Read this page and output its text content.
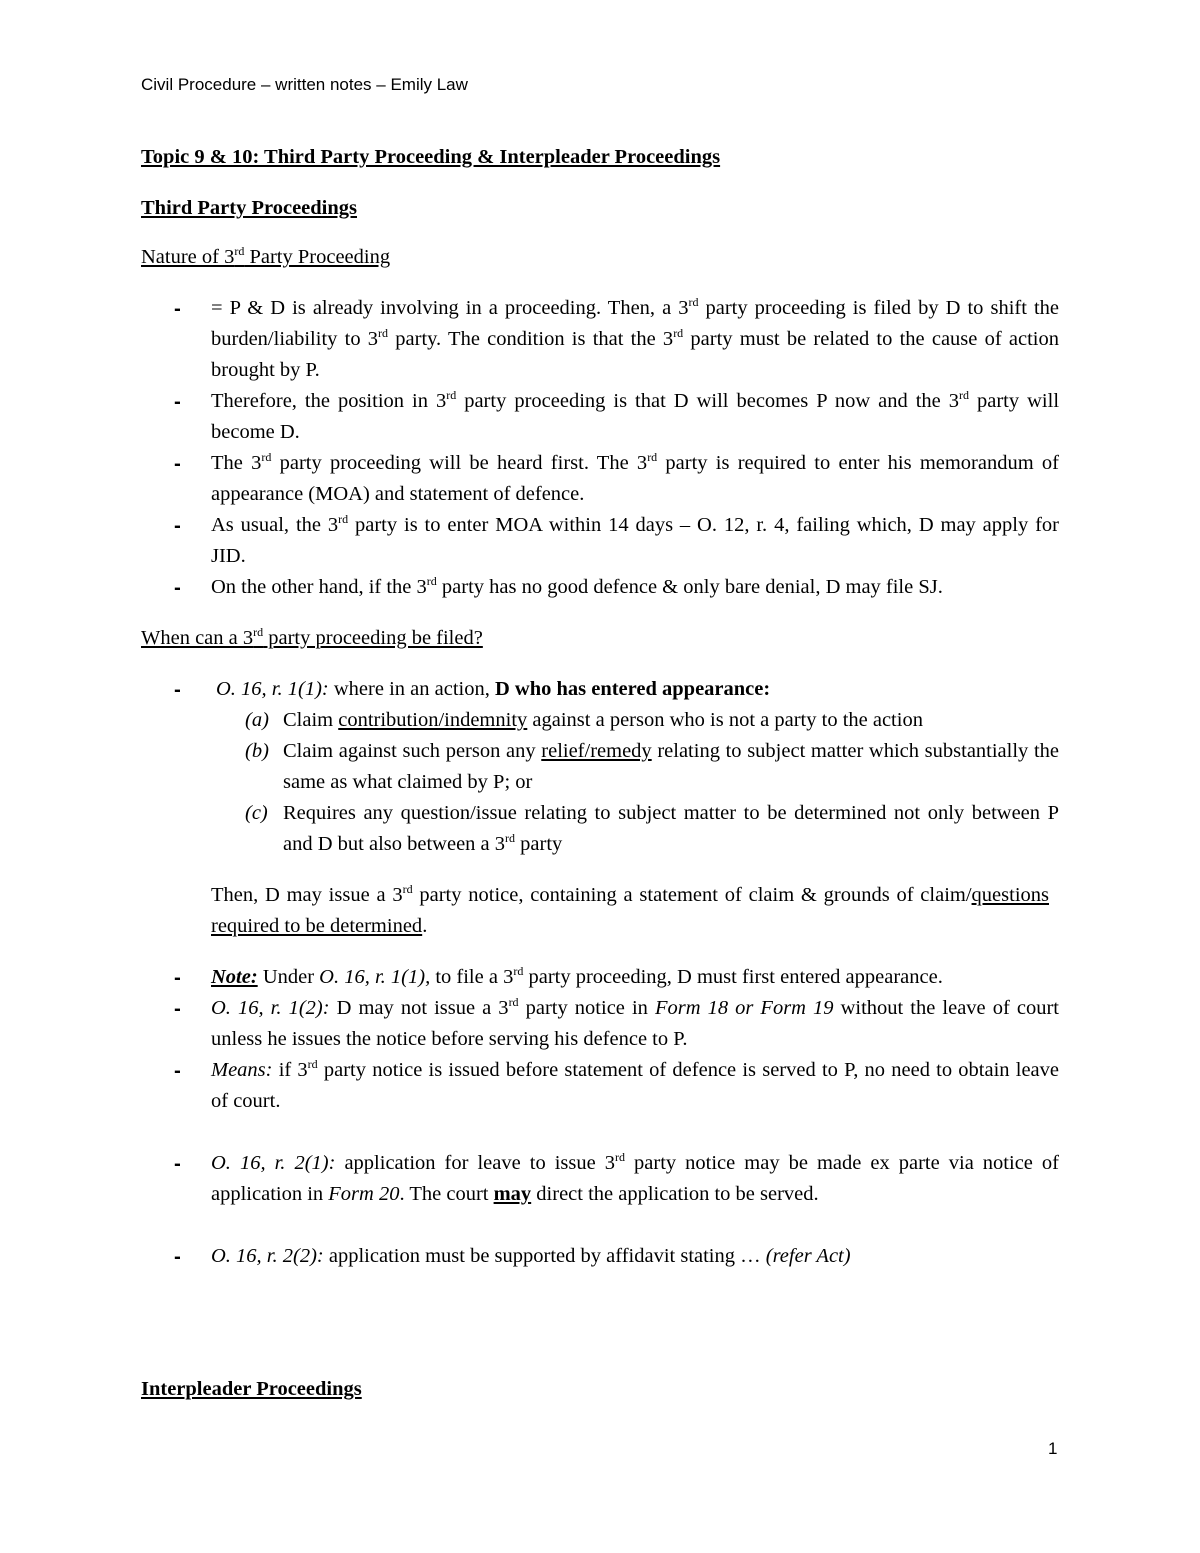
Civil Procedure – written notes – Emily Law
Topic 9 & 10: Third Party Proceeding & Interpleader Proceedings
Third Party Proceedings
Nature of 3rd Party Proceeding
- = P & D is already involving in a proceeding. Then, a 3rd party proceeding is filed by D to shift the burden/liability to 3rd party. The condition is that the 3rd party must be related to the cause of action brought by P.
- Therefore, the position in 3rd party proceeding is that D will becomes P now and the 3rd party will become D.
- The 3rd party proceeding will be heard first. The 3rd party is required to enter his memorandum of appearance (MOA) and statement of defence.
- As usual, the 3rd party is to enter MOA within 14 days – O. 12, r. 4, failing which, D may apply for JID.
- On the other hand, if the 3rd party has no good defence & only bare denial, D may file SJ.
When can a 3rd party proceeding be filed?
- O. 16, r. 1(1): where in an action, D who has entered appearance:
(a) Claim contribution/indemnity against a person who is not a party to the action
(b) Claim against such person any relief/remedy relating to subject matter which substantially the same as what claimed by P; or
(c) Requires any question/issue relating to subject matter to be determined not only between P and D but also between a 3rd party
Then, D may issue a 3rd party notice, containing a statement of claim & grounds of claim/questions required to be determined.
- Note: Under O. 16, r. 1(1), to file a 3rd party proceeding, D must first entered appearance.
- O. 16, r. 1(2): D may not issue a 3rd party notice in Form 18 or Form 19 without the leave of court unless he issues the notice before serving his defence to P.
- Means: if 3rd party notice is issued before statement of defence is served to P, no need to obtain leave of court.
- O. 16, r. 2(1): application for leave to issue 3rd party notice may be made ex parte via notice of application in Form 20. The court may direct the application to be served.
- O. 16, r. 2(2): application must be supported by affidavit stating … (refer Act)
Interpleader Proceedings
1
